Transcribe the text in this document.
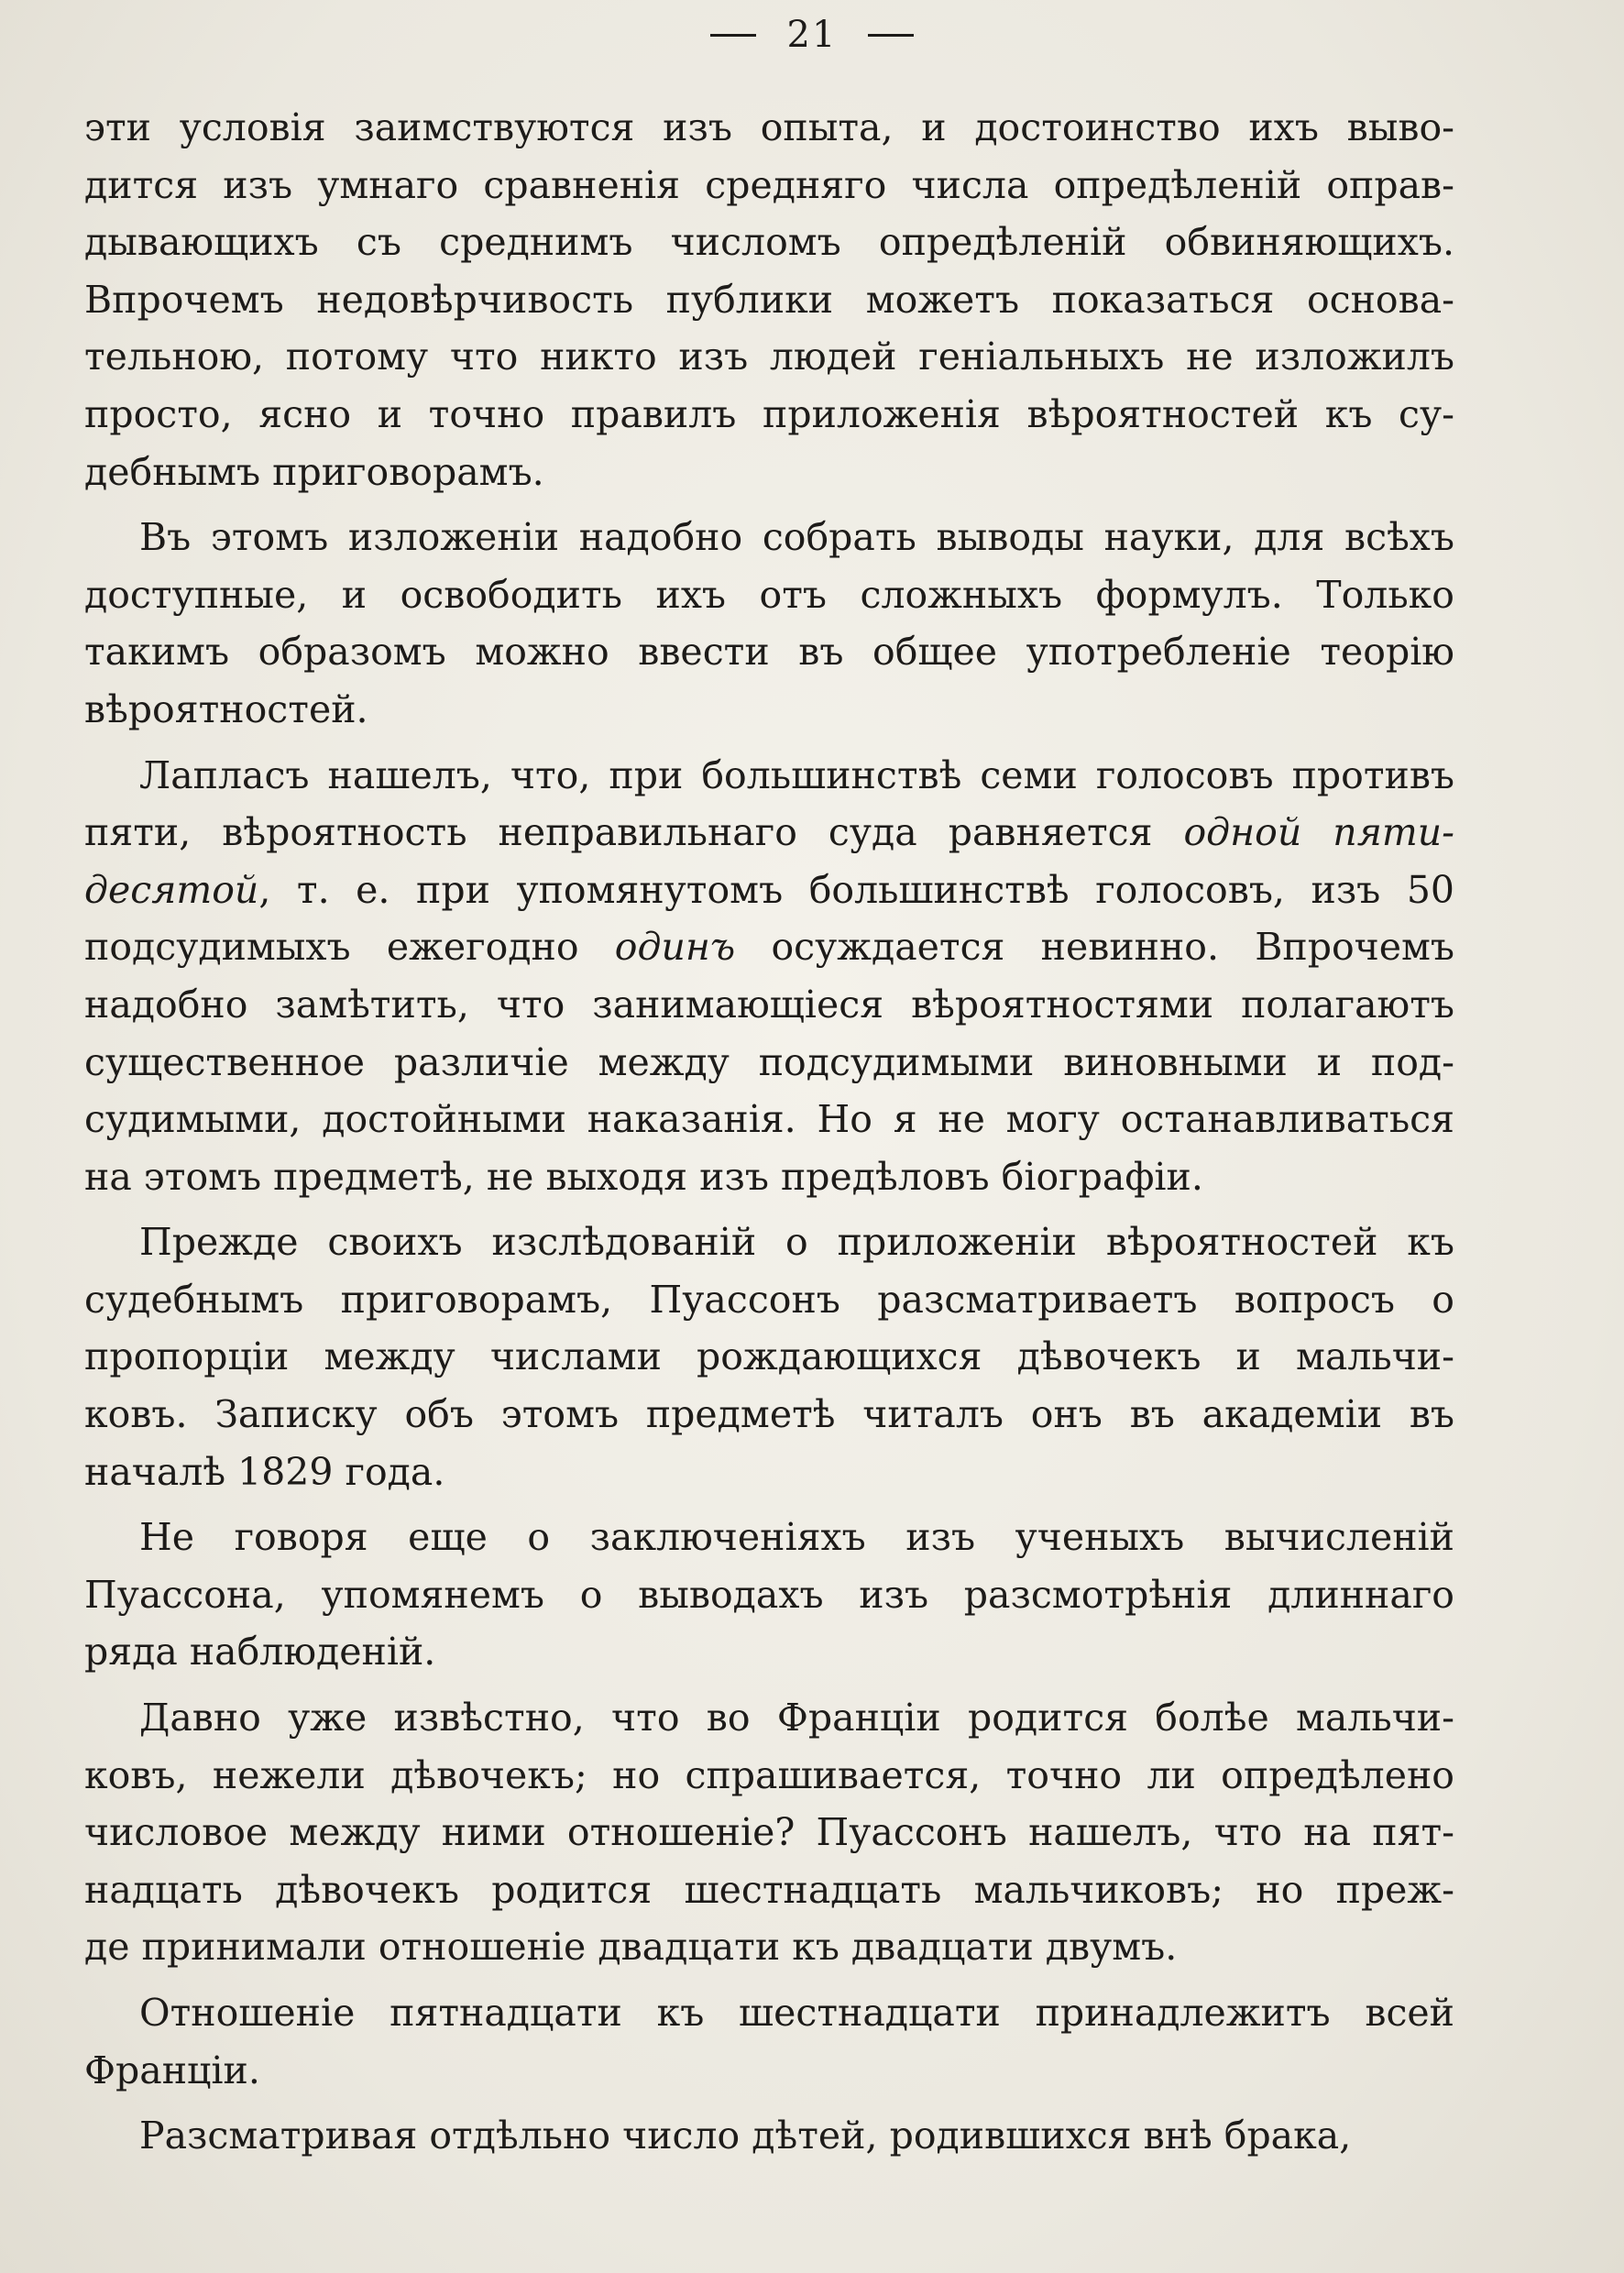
21

эти условія заимствуются изъ опыта, и достоинство ихъ выво-

дится изъ умнаго сравненія средняго числа опредѣленій оправ-

дывающихъ съ среднимъ числомъ опредѣленій обвиняющихъ.

Впрочемъ недовѣрчивость публики можетъ показаться основа-

тельною, потому что никто изъ людей геніальныхъ не изложилъ

просто, ясно и точно правилъ приложенія вѣроятностей къ су-

дебнымъ приговорамъ.

Въ этомъ изложеніи надобно собрать выводы науки, для всѣхъ

доступные, и освободить ихъ отъ сложныхъ формулъ. Только

такимъ образомъ можно ввести въ общее употребленіе теорію

вѣроятностей.

Лапласъ нашелъ, что, при большинствѣ семи голосовъ противъ

пяти, вѣроятность неправильнаго суда равняется одной пяти-

десятой, т. е. при упомянутомъ большинствѣ голосовъ, изъ 50

подсудимыхъ ежегодно одинъ осуждается невинно. Впрочемъ

надобно замѣтить, что занимающіеся вѣроятностями полагаютъ

существенное различіе между подсудимыми виновными и под-

судимыми, достойными наказанія. Но я не могу останавливаться

на этомъ предметѣ, не выходя изъ предѣловъ біографіи.

Прежде своихъ изслѣдованій о приложеніи вѣроятностей къ

судебнымъ приговорамъ, Пуассонъ разсматриваетъ вопросъ о

пропорціи между числами рождающихся дѣвочекъ и мальчи-

ковъ. Записку объ этомъ предметѣ читалъ онъ въ академіи въ

началѣ 1829 года.

Не говоря еще о заключеніяхъ изъ ученыхъ вычисленій

Пуассона, упомянемъ о выводахъ изъ разсмотрѣнія длиннаго

ряда наблюденій.

Давно уже извѣстно, что во Франціи родится болѣе мальчи-

ковъ, нежели дѣвочекъ; но спрашивается, точно ли опредѣлено

числовое между ними отношеніе? Пуассонъ нашелъ, что на пят-

надцать дѣвочекъ родится шестнадцать мальчиковъ; но преж-

де принимали отношеніе двадцати къ двадцати двумъ.

Отношеніе пятнадцати къ шестнадцати принадлежитъ всей

Франціи.

Разсматривая отдѣльно число дѣтей, родившихся внѣ брака,
